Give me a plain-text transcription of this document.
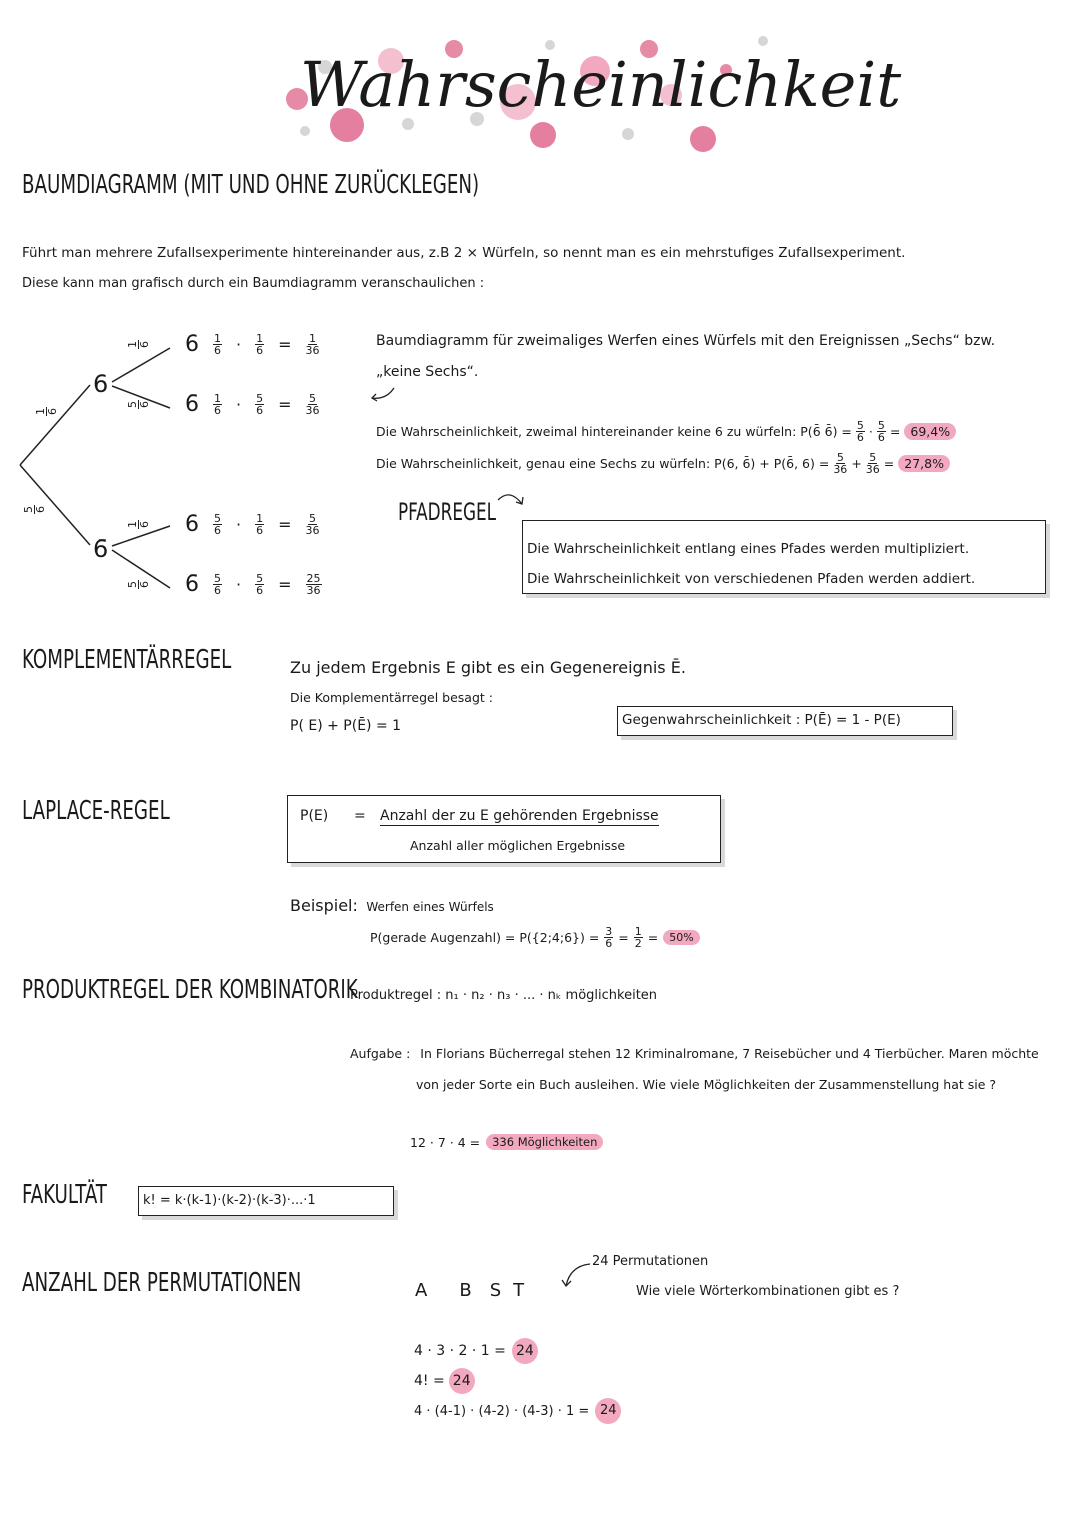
Wahrscheinlichkeit
BAUMDIAGRAMM (MIT UND OHNE ZURÜCKLEGEN)
Führt man mehrere Zufallsexperimente hintereinander aus, z.B 2 × Würfeln, so nennt man es ein mehrstufiges Zufallsexperiment.
Diese kann man grafisch durch ein Baumdiagramm veranschaulichen :
1 6
5 6
6
6̄
1 6 $6 \frac{1}{6} \cdot \frac{1}{6} = \frac{1}{36}$
5 6 6̄ $\frac{1}{6} \cdot \frac{5}{6} = \frac{5}{36}$
1 6 $6 \frac{5}{6} \cdot \frac{1}{6} = \frac{5}{36}$
5 6 6̄ $\frac{5}{6} \cdot \frac{5}{6} = \frac{25}{36}$
Baumdiagramm für zweimaliges Werfen eines Würfels mit den Ereignissen „Sechs“ bzw.
„keine Sechs“.
Die Wahrscheinlichkeit, zweimal hintereinander keine 6 zu würfeln: P(6̄ 6̄) = $\frac{5}{6} \cdot \frac{5}{6} = 69,4\%$
Die Wahrscheinlichkeit, genau eine Sechs zu würfeln: P(6, 6̄) + P(6̄, $6) = \frac{5}{36} + \frac{5}{36} = 27,8\%$
PFADREGEL
Die Wahrscheinlichkeit entlang eines Pfades werden multipliziert.
Die Wahrscheinlichkeit von verschiedenen Pfaden werden addiert.
KOMPLEMENTÄRREGEL	Zu jedem Ergebnis E gibt es ein Gegenereignis Ē.
Die Komplementärregel besagt :
P( E) + P(Ē) = 1	Gegenwahrscheinlichkeit : P(Ē) = 1 - P(E)
LAPLACE-REGEL	P(E) = Anzahl der zu E gehörenden Ergebnisse
Anzahl aller möglichen Ergebnisse
Beispiel: Werfen eines Würfels
P(gerade Augenzahl) = P({2;4;6}) = $\frac{3}{6} = \frac{1}{2}$ =	50%
PRODUKTREGEL DER KOMBINATORIK
Produktregel : n₁ · n₂ · n₃ · ... · nₖ möglichkeiten
Aufgabe : In Florians Bücherregal stehen 12 Kriminalromane, 7 Reisebücher und 4 Tierbücher. Maren möchte
von jeder Sorte ein Buch ausleihen. Wie viele Möglichkeiten der Zusammenstellung hat sie ?
12 · 7 · 4 =	336 Möglichkeiten
FAKULTÄT	k! = k·(k-1)·(k-2)·(k-3)·...·1
ANZAHL DER PERMUTATIONEN	A B S T
24 Permutationen
Wie viele Wörterkombinationen gibt es ?
4 · 3 · 2 · 1 = 24
4! = 24
4 · (4-1) · (4-2) · (4-3) · 1 = 24
